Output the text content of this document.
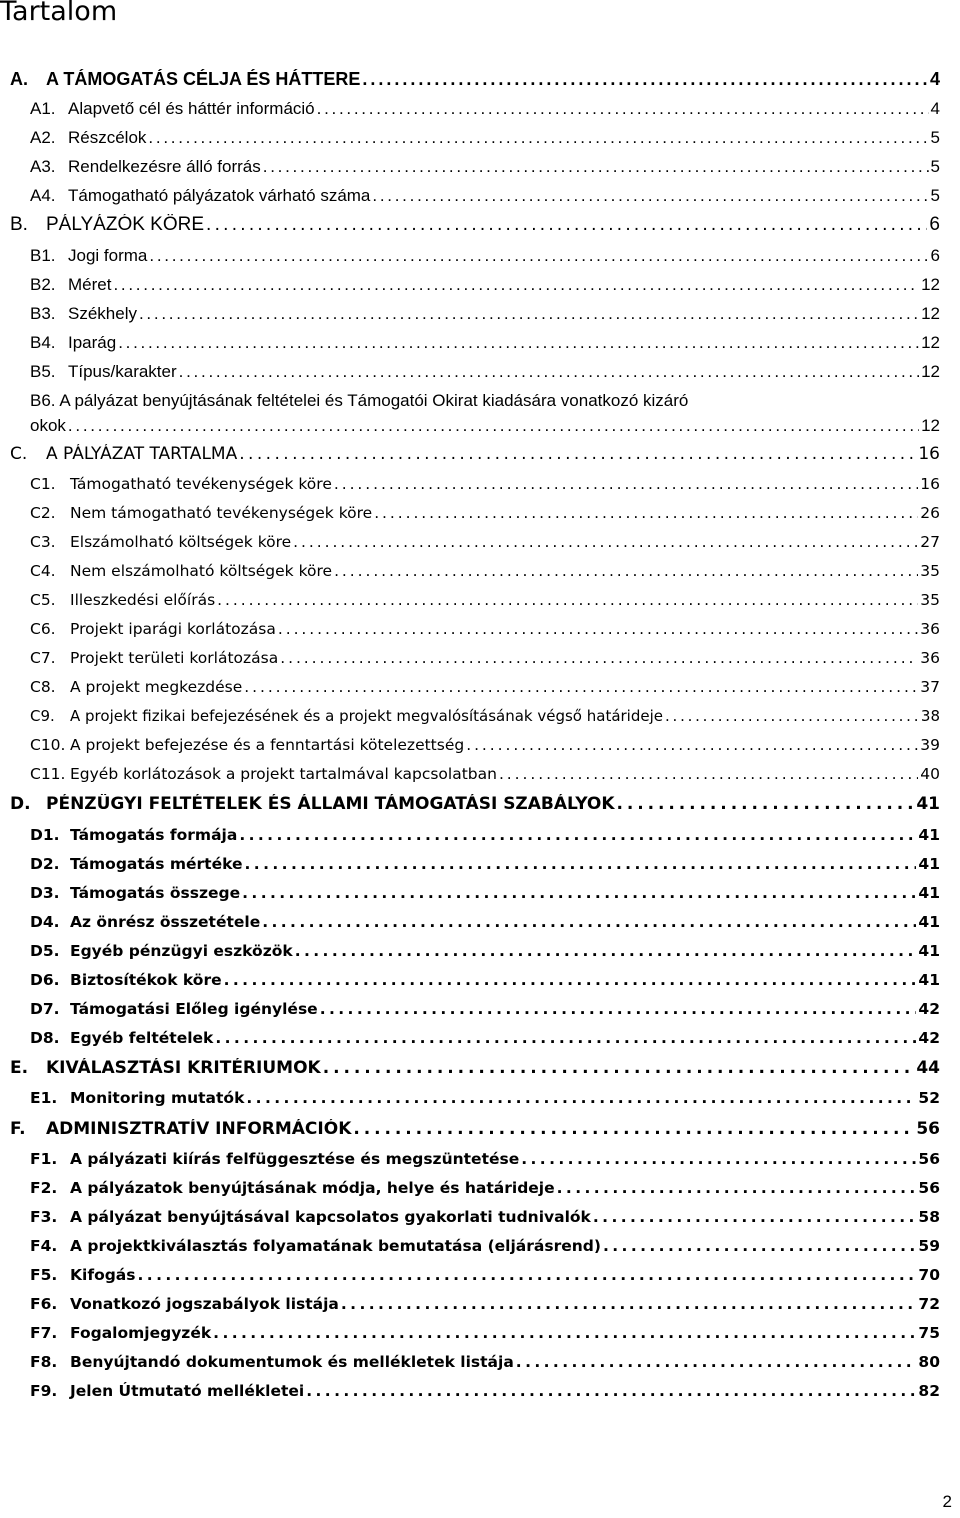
Tartalom
A.	A TÁMOGATÁS CÉLJA ÉS HÁTTERE . . .	4
A1. Alapvető cél és háttér információ . . .	4
A2. Részcélok . . .	5
A3. Rendelkezésre álló forrás . . .	5
A4. Támogatható pályázatok várható száma . . .	5
B. PÁLYÁZÓK KÖRE . . .	6
B1. Jogi forma . . .	6
B2. Méret . . .	12
B3. Székhely . . .	12
B4. Iparág . . .	12
B5. Típus/karakter . . .	12
B6. A pályázat benyújtásának feltételei és Támogatói Okirat kiadására vonatkozó kizáró
okok . . .	12
C.	A PÁLYÁZAT TARTALMA . . .	16
C1. Támogatható tevékenységek köre . . .	16
C2. Nem támogatható tevékenységek köre . . .	26
C3. Elszámolható költségek köre . . .	27
C4. Nem elszámolható költségek köre . . .	35
C5. Illeszkedési előírás . . .	35
C6. Projekt iparági korlátozása . . .	36
C7. Projekt területi korlátozása . . .	36
C8. A projekt megkezdése . . .	37
C9.	A projekt fizikai befejezésének és a projekt megvalósításának végső határideje . . .	38
C10. A projekt befejezése és a fenntartási kötelezettség . . .	39
C11. Egyéb korlátozások a projekt tartalmával kapcsolatban . . .	40
D. PÉNZÜGYI FELTÉTELEK ÉS ÁLLAMI TÁMOGATÁSI SZABÁLYOK . . .	41
D1. Támogatás formája . . .	41
D2. Támogatás mértéke . . .	41
D3. Támogatás összege . . .	41
D4. Az önrész összetétele . . .	41
D5. Egyéb pénzügyi eszközök . . .	41
D6. Biztosítékok köre . . .	41
D7. Támogatási Előleg igénylése . . .	42
D8. Egyéb feltételek . . .	42
E.	KIVÁLASZTÁSI KRITÉRIUMOK . . .	44
E1. Monitoring mutatók . . .	52
F.	ADMINISZTRATÍV INFORMÁCIÓK . . .	56
F1. A pályázati kiírás felfüggesztése és megszüntetése . . .	56
F2. A pályázatok benyújtásának módja, helye és határideje . . .	56
F3. A pályázat benyújtásával kapcsolatos gyakorlati tudnivalók . . .	58
F4. A projektkiválasztás folyamatának bemutatása (eljárásrend) . . .	59
F5. Kifogás . . .	70
F6. Vonatkozó jogszabályok listája . . .	72
F7. Fogalomjegyzék . . .	75
F8. Benyújtandó dokumentumok és mellékletek listája . . .	80
F9. Jelen Útmutató mellékletei . . .	82
2
